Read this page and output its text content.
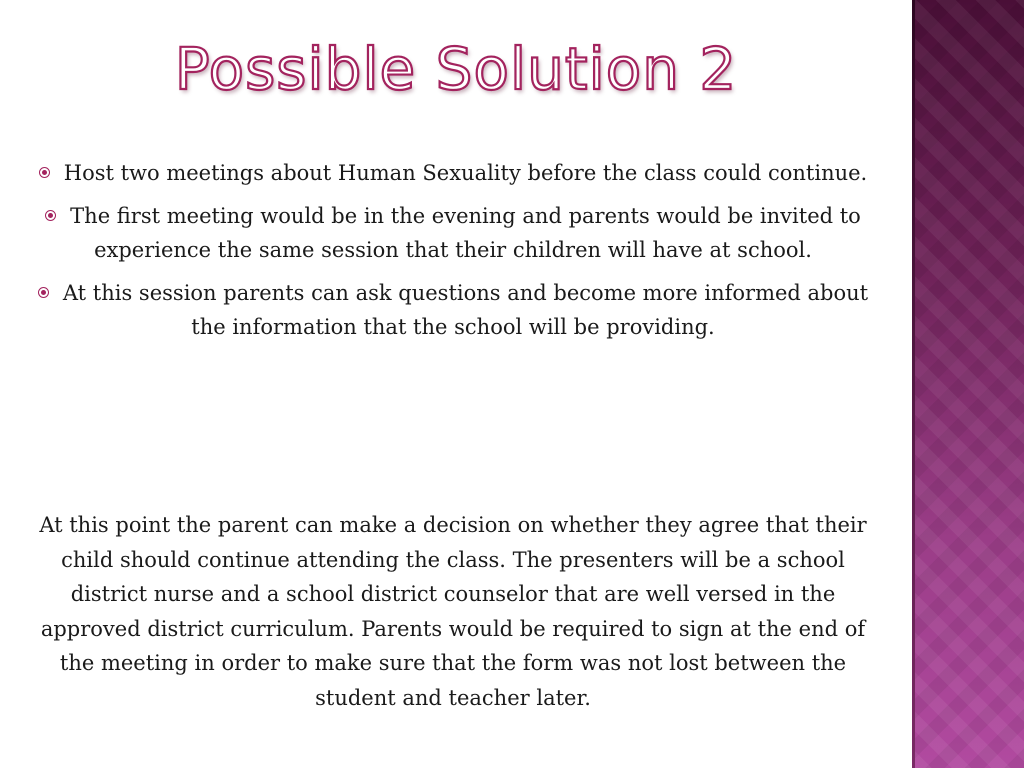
Possible Solution 2
Host two meetings about Human Sexuality before the class could continue.
The first meeting would be in the evening and parents would be invited to experience the same session that their children will have at school.
At this session parents can ask questions and become more informed about the information that the school will be providing.

At this point the parent can make a decision on whether they agree that their child should continue attending the class. The presenters will be a school district nurse and a school district counselor that are well versed in the approved district curriculum. Parents would be required to sign at the end of the meeting in order to make sure that the form was not lost between the student and teacher later.
